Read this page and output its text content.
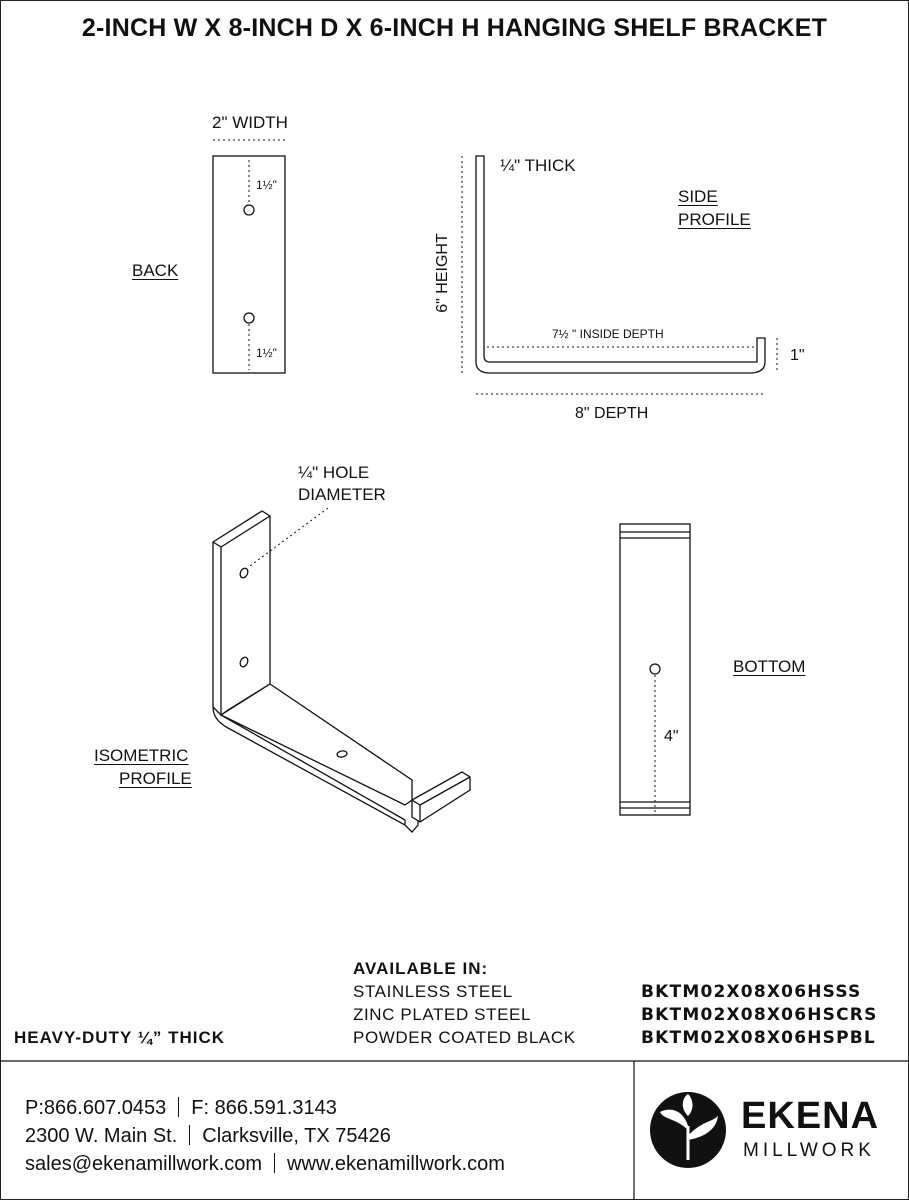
2-INCH W X 8-INCH D X 6-INCH H HANGING SHELF BRACKET
2" WIDTH
1½"
1½"
BACK
¼" THICK
SIDE
PROFILE
6" HEIGHT
7½ " INSIDE DEPTH
1"
8" DEPTH
¼" HOLE
DIAMETER
ISOMETRIC
PROFILE
BOTTOM
4"
AVAILABLE IN:
STAINLESS STEEL
ZINC PLATED STEEL
POWDER COATED BLACK
BKTM02X08X06HSSS
BKTM02X08X06HSCRS
BKTM02X08X06HSPBL
HEAVY-DUTY ¼” THICK
P:866.607.0453 F: 866.591.3143
2300 W. Main St. Clarksville, TX 75426
sales@ekenamillwork.com www.ekenamillwork.com
EKENA
MILLWORK
